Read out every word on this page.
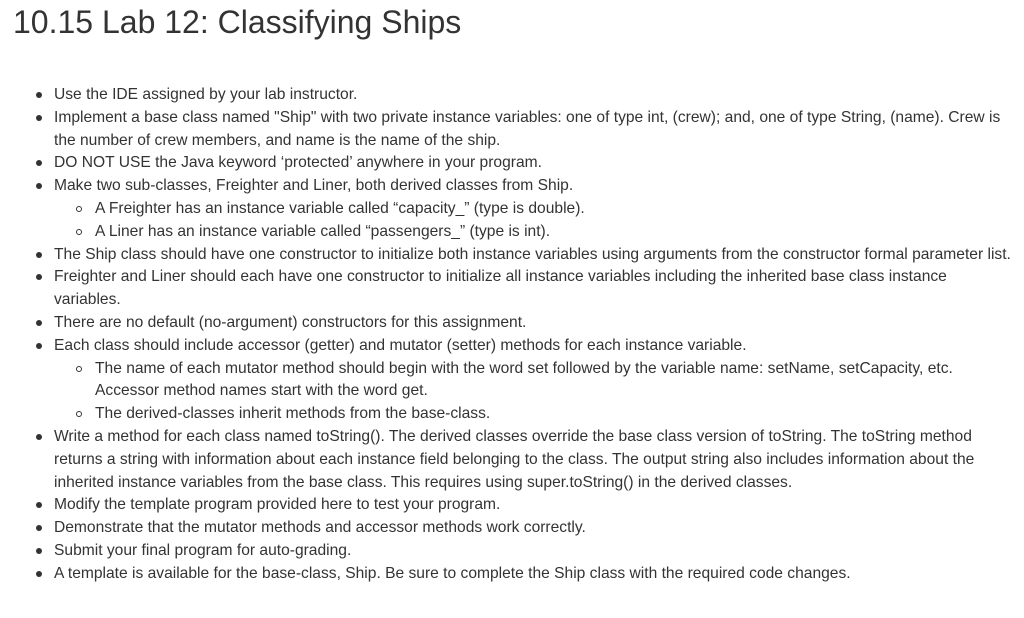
10.15 Lab 12: Classifying Ships
Use the IDE assigned by your lab instructor.
Implement a base class named "Ship" with two private instance variables: one of type int, (crew); and, one of type String, (name). Crew is the number of crew members, and name is the name of the ship.
DO NOT USE the Java keyword ‘protected’ anywhere in your program.
Make two sub-classes, Freighter and Liner, both derived classes from Ship.
A Freighter has an instance variable called “capacity_” (type is double).
A Liner has an instance variable called “passengers_” (type is int).
The Ship class should have one constructor to initialize both instance variables using arguments from the constructor formal parameter list.
Freighter and Liner should each have one constructor to initialize all instance variables including the inherited base class instance variables.
There are no default (no-argument) constructors for this assignment.
Each class should include accessor (getter) and mutator (setter) methods for each instance variable.
The name of each mutator method should begin with the word set followed by the variable name: setName, setCapacity, etc. Accessor method names start with the word get.
The derived-classes inherit methods from the base-class.
Write a method for each class named toString(). The derived classes override the base class version of toString. The toString method returns a string with information about each instance field belonging to the class. The output string also includes information about the inherited instance variables from the base class. This requires using super.toString() in the derived classes.
Modify the template program provided here to test your program.
Demonstrate that the mutator methods and accessor methods work correctly.
Submit your final program for auto-grading.
A template is available for the base-class, Ship. Be sure to complete the Ship class with the required code changes.
